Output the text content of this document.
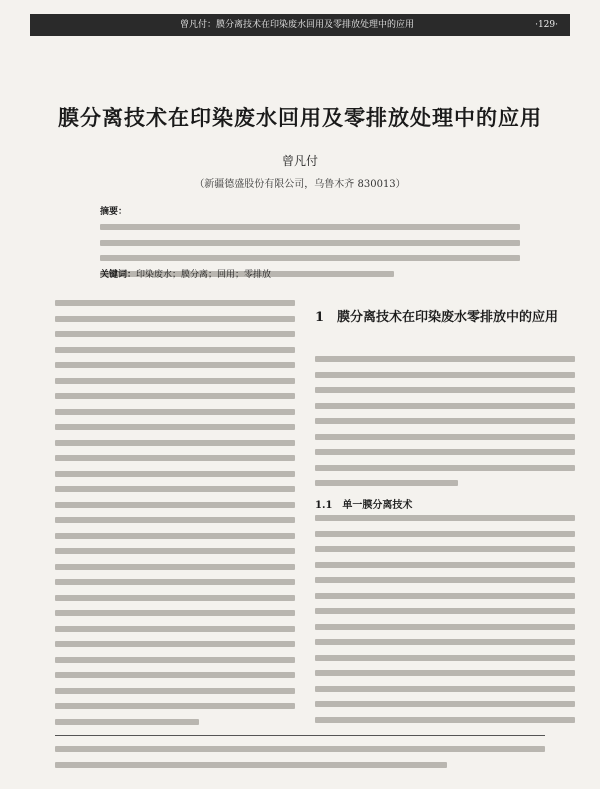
曾凡付：膜分离技术在印染废水回用及零排放处理中的应用	·129·
膜分离技术在印染废水回用及零排放处理中的应用
曾凡付
（新疆德盛股份有限公司，乌鲁木齐 830013）
摘要：
关键词：印染废水；膜分离；回用；零排放
1　膜分离技术在印染废水零排放中的应用
1.1　单一膜分离技术
